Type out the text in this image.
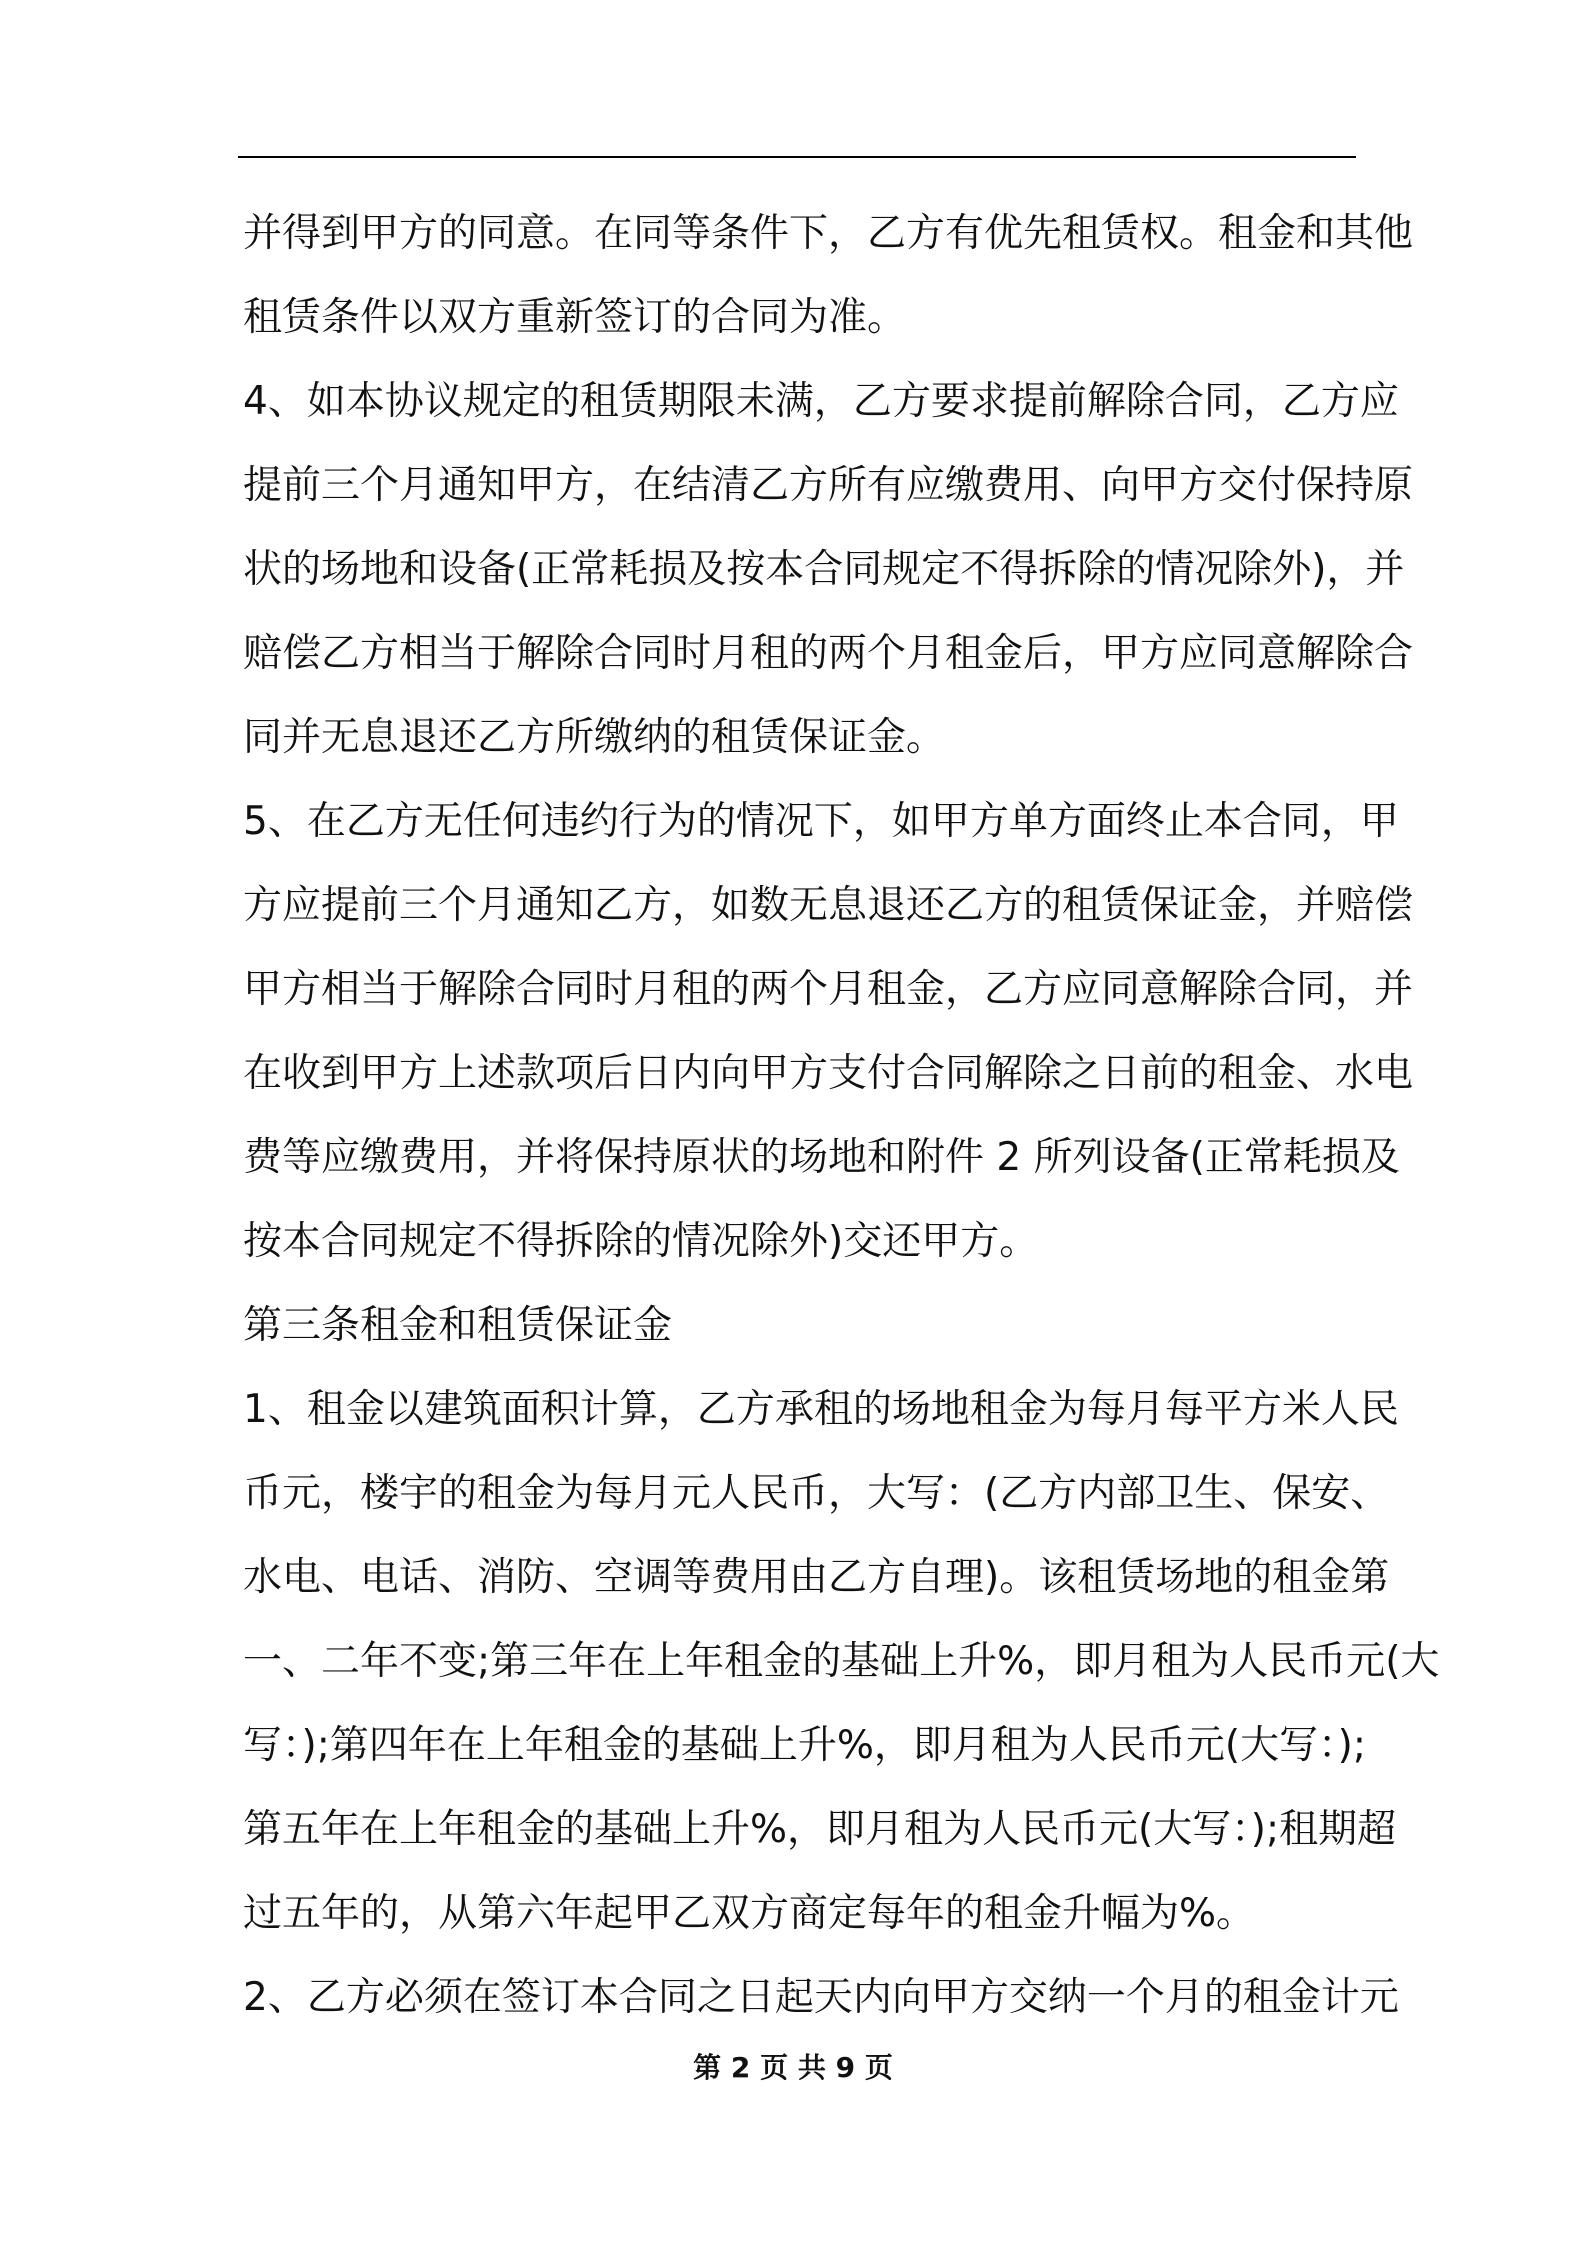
并得到甲方的同意。在同等条件下，乙方有优先租赁权。租金和其他
租赁条件以双方重新签订的合同为准。
4、如本协议规定的租赁期限未满，乙方要求提前解除合同，乙方应
提前三个月通知甲方，在结清乙方所有应缴费用、向甲方交付保持原
状的场地和设备(正常耗损及按本合同规定不得拆除的情况除外)，并
赔偿乙方相当于解除合同时月租的两个月租金后，甲方应同意解除合
同并无息退还乙方所缴纳的租赁保证金。
5、在乙方无任何违约行为的情况下，如甲方单方面终止本合同，甲
方应提前三个月通知乙方，如数无息退还乙方的租赁保证金，并赔偿
甲方相当于解除合同时月租的两个月租金，乙方应同意解除合同，并
在收到甲方上述款项后日内向甲方支付合同解除之日前的租金、水电
费等应缴费用，并将保持原状的场地和附件 2 所列设备(正常耗损及
按本合同规定不得拆除的情况除外)交还甲方。
第三条租金和租赁保证金
1、租金以建筑面积计算，乙方承租的场地租金为每月每平方米人民
币元，楼宇的租金为每月元人民币，大写：(乙方内部卫生、保安、
水电、电话、消防、空调等费用由乙方自理)。该租赁场地的租金第
一、二年不变;第三年在上年租金的基础上升%，即月租为人民币元(大
写：);第四年在上年租金的基础上升%，即月租为人民币元(大写：);
第五年在上年租金的基础上升%，即月租为人民币元(大写：);租期超
过五年的，从第六年起甲乙双方商定每年的租金升幅为%。
2、乙方必须在签订本合同之日起天内向甲方交纳一个月的租金计元
第 2 页 共 9 页
